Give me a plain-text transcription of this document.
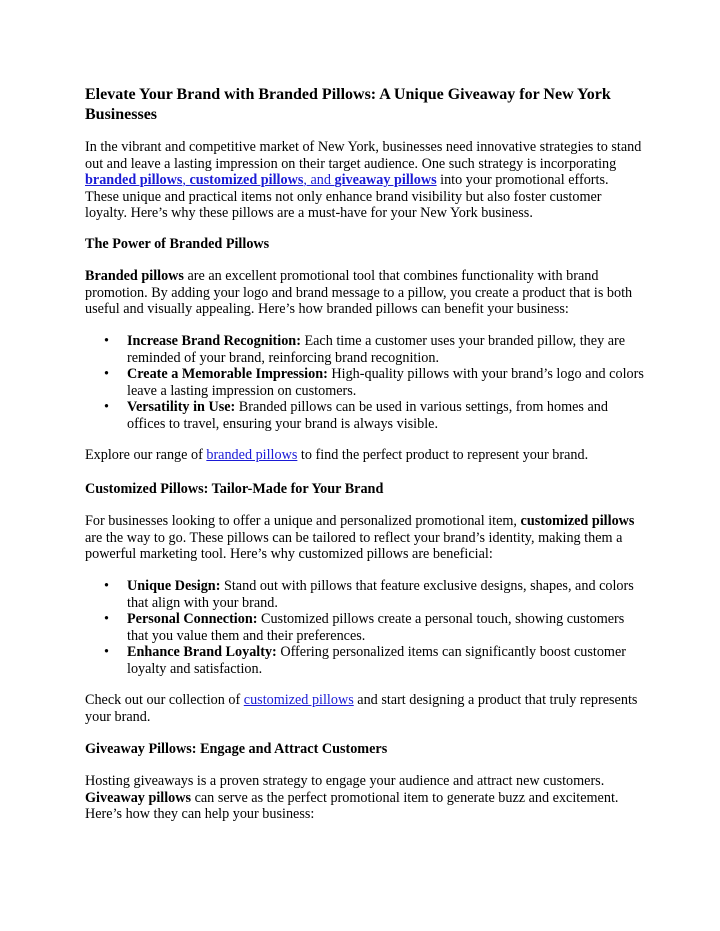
Elevate Your Brand with Branded Pillows: A Unique Giveaway for New York Businesses

In the vibrant and competitive market of New York, businesses need innovative strategies to stand out and leave a lasting impression on their target audience. One such strategy is incorporating branded pillows, customized pillows, and giveaway pillows into your promotional efforts. These unique and practical items not only enhance brand visibility but also foster customer loyalty. Here’s why these pillows are a must-have for your New York business.

The Power of Branded Pillows

Branded pillows are an excellent promotional tool that combines functionality with brand promotion. By adding your logo and brand message to a pillow, you create a product that is both useful and visually appealing. Here’s how branded pillows can benefit your business:

• Increase Brand Recognition: Each time a customer uses your branded pillow, they are reminded of your brand, reinforcing brand recognition.
• Create a Memorable Impression: High-quality pillows with your brand’s logo and colors leave a lasting impression on customers.
• Versatility in Use: Branded pillows can be used in various settings, from homes and offices to travel, ensuring your brand is always visible.

Explore our range of branded pillows to find the perfect product to represent your brand.

Customized Pillows: Tailor-Made for Your Brand

For businesses looking to offer a unique and personalized promotional item, customized pillows are the way to go. These pillows can be tailored to reflect your brand’s identity, making them a powerful marketing tool. Here’s why customized pillows are beneficial:

• Unique Design: Stand out with pillows that feature exclusive designs, shapes, and colors that align with your brand.
• Personal Connection: Customized pillows create a personal touch, showing customers that you value them and their preferences.
• Enhance Brand Loyalty: Offering personalized items can significantly boost customer loyalty and satisfaction.

Check out our collection of customized pillows and start designing a product that truly represents your brand.

Giveaway Pillows: Engage and Attract Customers

Hosting giveaways is a proven strategy to engage your audience and attract new customers. Giveaway pillows can serve as the perfect promotional item to generate buzz and excitement. Here’s how they can help your business:
